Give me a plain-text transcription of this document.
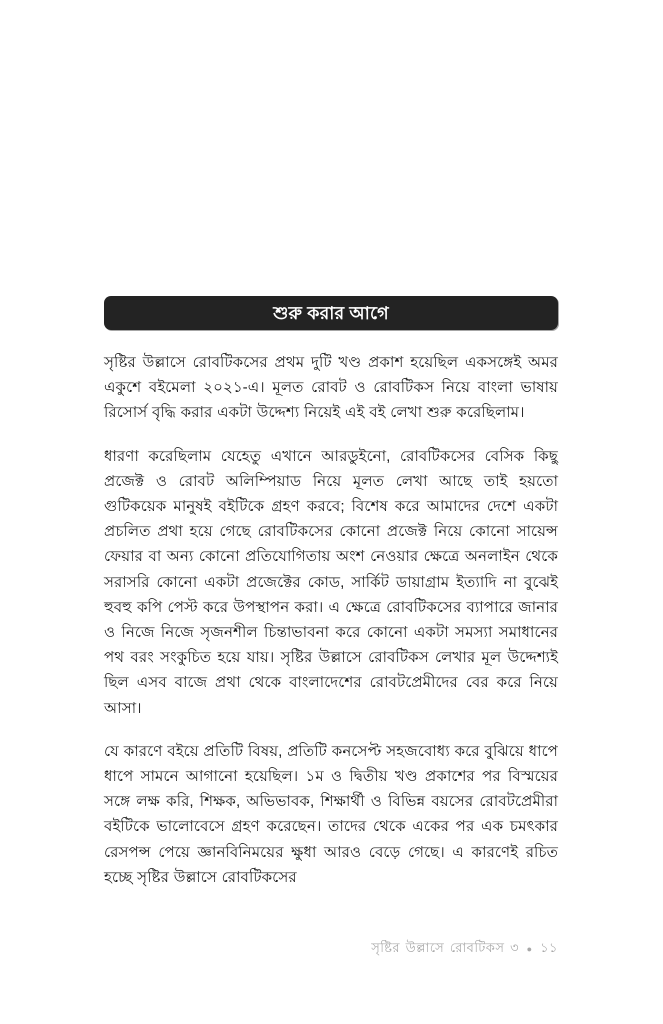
শুরু করার আগে

সৃষ্টির উল্লাসে রোবটিকসের প্রথম দুটি খণ্ড প্রকাশ হয়েছিল একসঙ্গেই অমর একুশে বইমেলা ২০২১-এ। মূলত রোবট ও রোবটিকস নিয়ে বাংলা ভাষায় রিসোর্স বৃদ্ধি করার একটা উদ্দেশ্য নিয়েই এই বই লেখা শুরু করেছিলাম।

ধারণা করেছিলাম যেহেতু এখানে আরডুইনো, রোবটিকসের বেসিক কিছু প্রজেক্ট ও রোবট অলিম্পিয়াড নিয়ে মূলত লেখা আছে তাই হয়তো গুটিকয়েক মানুষই বইটিকে গ্রহণ করবে; বিশেষ করে আমাদের দেশে একটা প্রচলিত প্রথা হয়ে গেছে রোবটিকসের কোনো প্রজেক্ট নিয়ে কোনো সায়েন্স ফেয়ার বা অন্য কোনো প্রতিযোগিতায় অংশ নেওয়ার ক্ষেত্রে অনলাইন থেকে সরাসরি কোনো একটা প্রজেক্টের কোড, সার্কিট ডায়াগ্রাম ইত্যাদি না বুঝেই হুবহু কপি পেস্ট করে উপস্থাপন করা। এ ক্ষেত্রে রোবটিকসের ব্যাপারে জানার ও নিজে নিজে সৃজনশীল চিন্তাভাবনা করে কোনো একটা সমস্যা সমাধানের পথ বরং সংকুচিত হয়ে যায়। সৃষ্টির উল্লাসে রোবটিকস লেখার মূল উদ্দেশ্যই ছিল এসব বাজে প্রথা থেকে বাংলাদেশের রোবটপ্রেমীদের বের করে নিয়ে আসা।

যে কারণে বইয়ে প্রতিটি বিষয়, প্রতিটি কনসেপ্ট সহজবোধ্য করে বুঝিয়ে ধাপে ধাপে সামনে আগানো হয়েছিল। ১ম ও দ্বিতীয় খণ্ড প্রকাশের পর বিস্ময়ের সঙ্গে লক্ষ করি, শিক্ষক, অভিভাবক, শিক্ষার্থী ও বিভিন্ন বয়সের রোবটপ্রেমীরা বইটিকে ভালোবেসে গ্রহণ করেছেন। তাদের থেকে একের পর এক চমৎকার রেসপন্স পেয়ে জ্ঞানবিনিময়ের ক্ষুধা আরও বেড়ে গেছে। এ কারণেই রচিত হচ্ছে সৃষ্টির উল্লাসে রোবটিকসের

সৃষ্টির উল্লাসে রোবটিকস ৩ ● ১১
